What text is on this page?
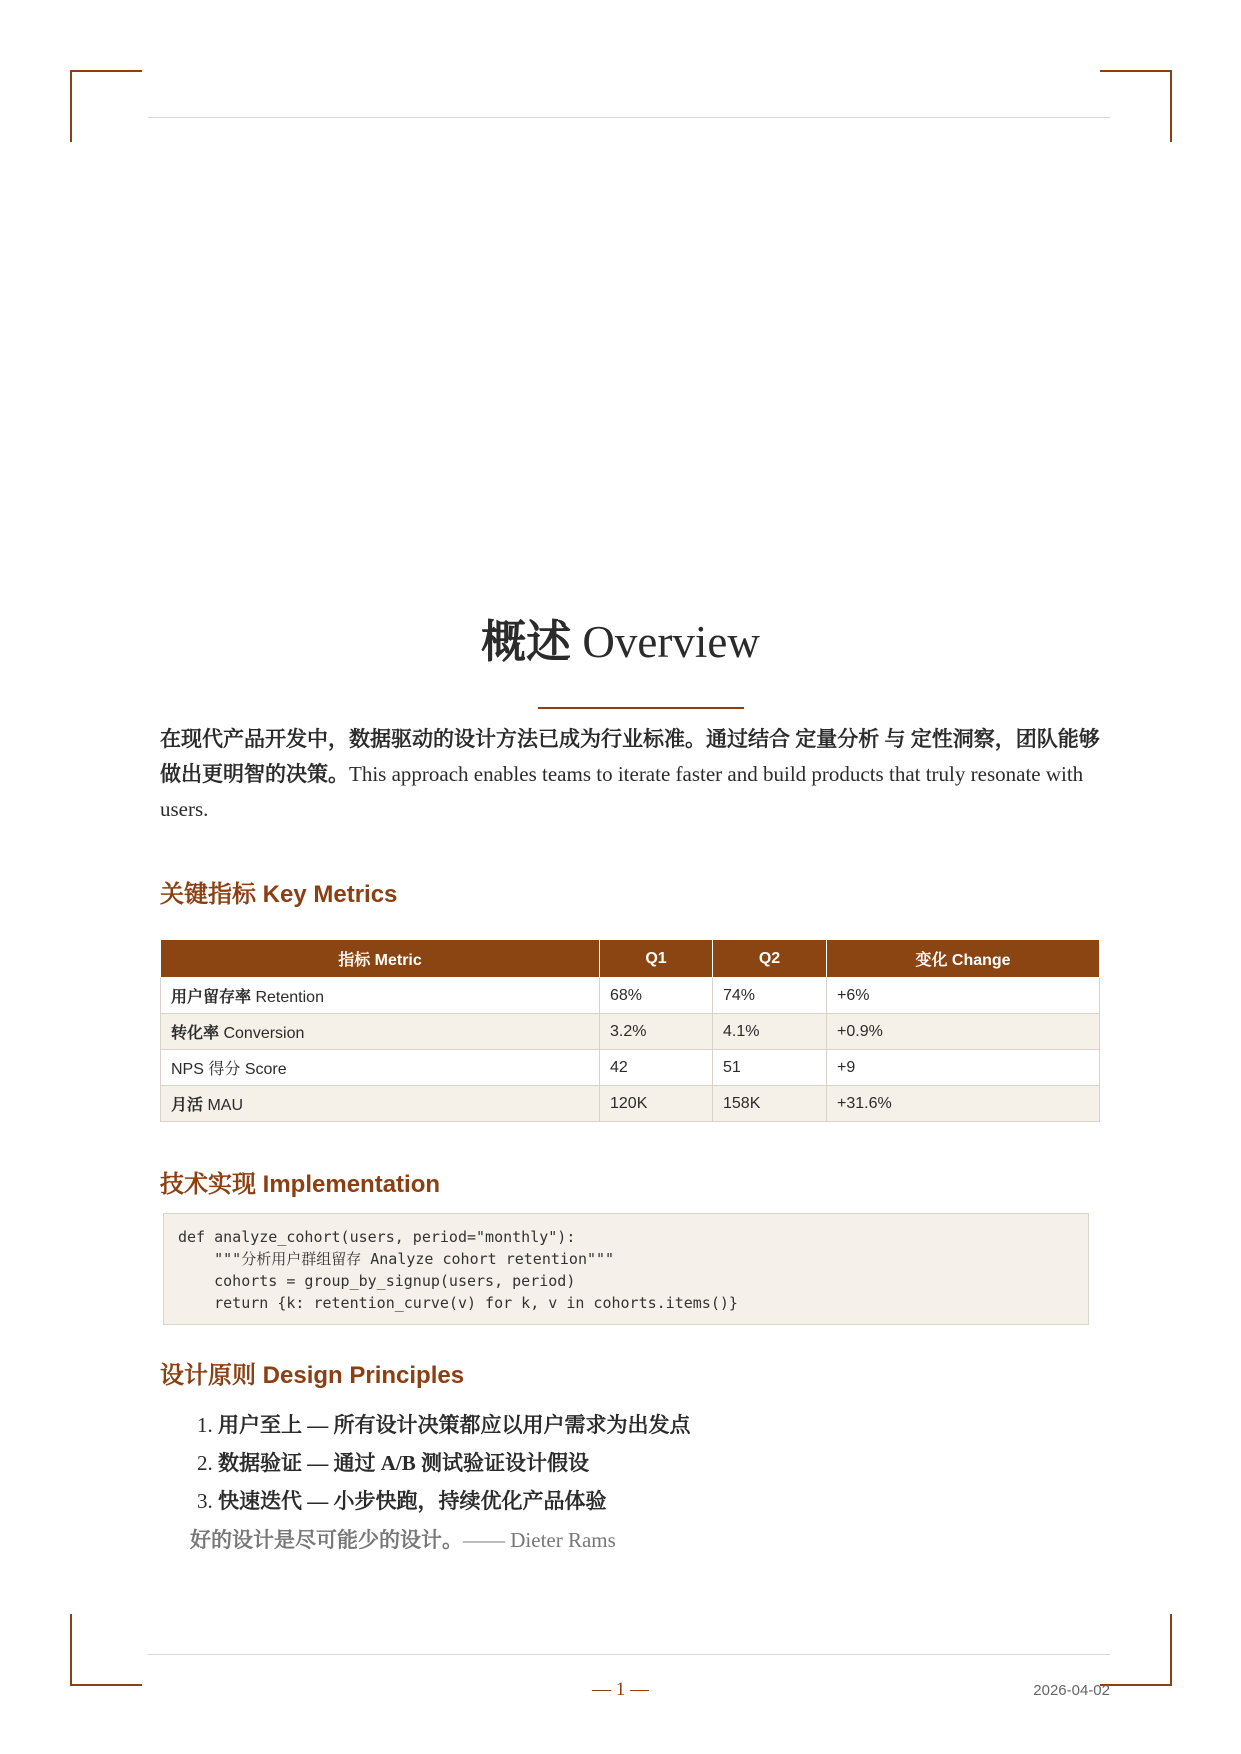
概述 Overview

在现代产品开发中，数据驱动的设计方法已成为行业标准。通过结合 定量分析 与 定性洞察，团队能够做出更明智的决策。This approach enables teams to iterate faster and build products that truly resonate with users.

关键指标 Key Metrics
指标 Metric	Q1	Q2	变化 Change
用户留存率 Retention	68%	74%	+6%
转化率 Conversion	3.2%	4.1%	+0.9%
NPS 得分 Score	42	51	+9
月活 MAU	120K	158K	+31.6%
技术实现 Implementation
def analyze_cohort(users, period="monthly"):
"""分析用户群组留存 Analyze cohort retention"""
cohorts = group_by_signup(users, period)
return {k: retention_curve(v) for k, v in cohorts.items()}
设计原则 Design Principles
1. 用户至上 — 所有设计决策都应以用户需求为出发点
2. 数据验证 — 通过 A/B 测试验证设计假设
3. 快速迭代 — 小步快跑，持续优化产品体验

好的设计是尽可能少的设计。—— Dieter Rams

— 1 —	2026-04-02
